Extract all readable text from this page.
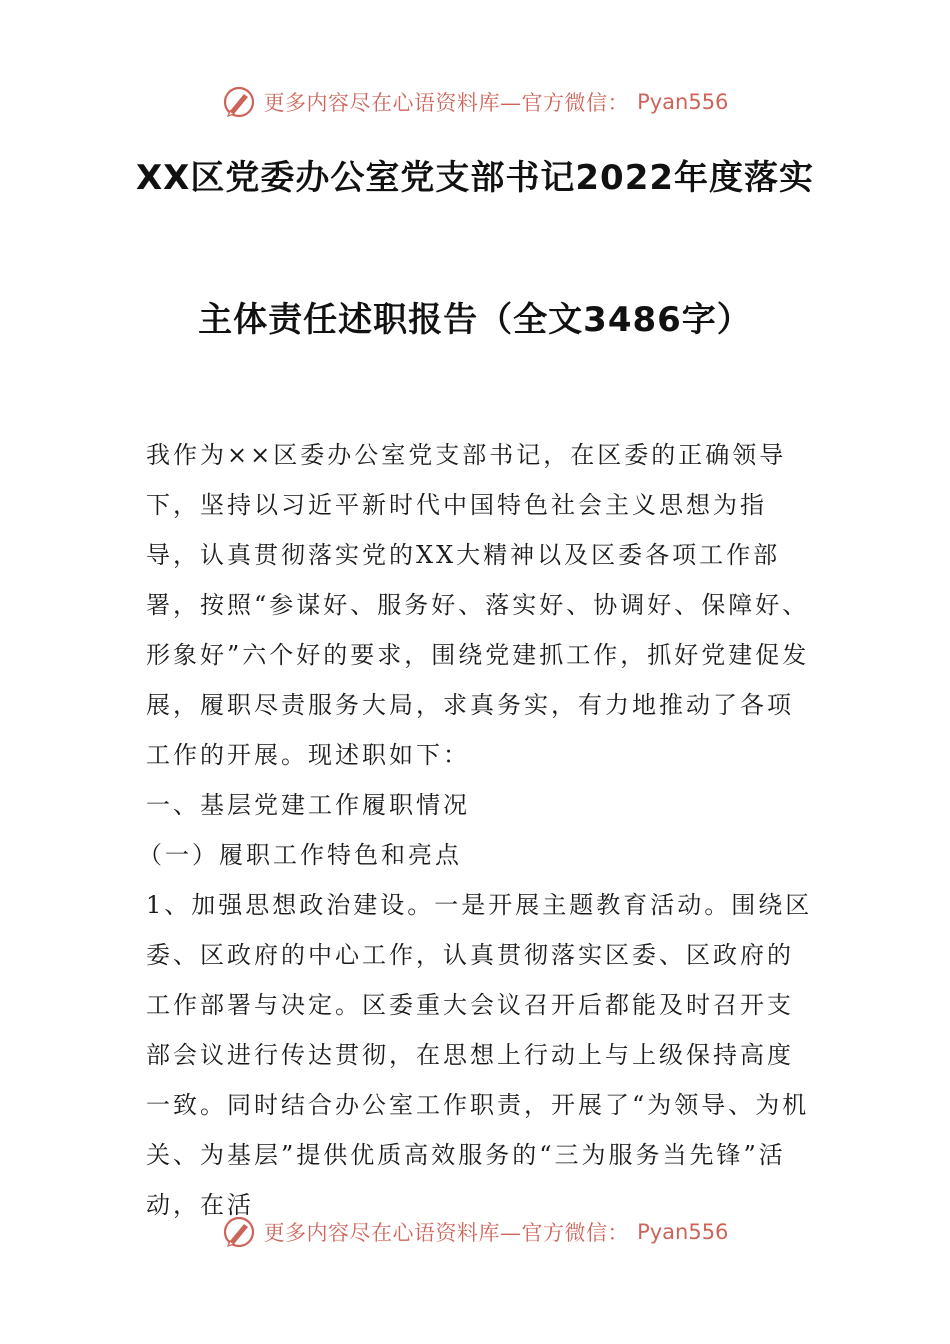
更多内容尽在心语资料库—官方微信： Pyan556
XX区党委办公室党支部书记2022年度落实
主体责任述职报告（全文3486字）

我作为××区委办公室党支部书记，在区委的正确领导下，坚持以习近平新时代中国特色社会主义思想为指导，认真贯彻落实党的XX大精神以及区委各项工作部署，按照“参谋好、服务好、落实好、协调好、保障好、形象好”六个好的要求，围绕党建抓工作，抓好党建促发展，履职尽责服务大局，求真务实，有力地推动了各项工作的开展。现述职如下：

一、基层党建工作履职情况

（一）履职工作特色和亮点

1、加强思想政治建设。一是开展主题教育活动。围绕区委、区政府的中心工作，认真贯彻落实区委、区政府的工作部署与决定。区委重大会议召开后都能及时召开支部会议进行传达贯彻，在思想上行动上与上级保持高度一致。同时结合办公室工作职责，开展了“为领导、为机关、为基层”提供优质高效服务的“三为服务当先锋”活动，在活

更多内容尽在心语资料库—官方微信： Pyan556
